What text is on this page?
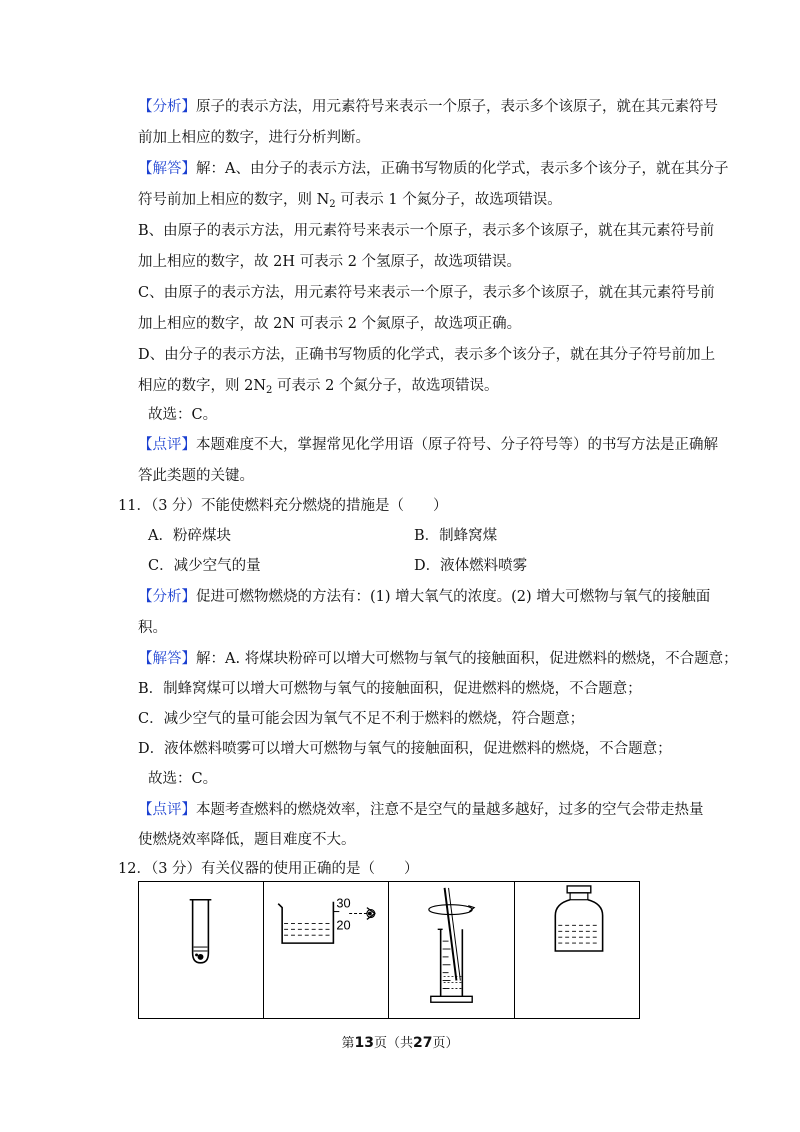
【分析】原子的表示方法，用元素符号来表示一个原子，表示多个该原子，就在其元素符号
前加上相应的数字，进行分析判断。
【解答】解：A、由分子的表示方法，正确书写物质的化学式，表示多个该分子，就在其分子
符号前加上相应的数字，则 $N_2$ 可表示 1 个氮分子，故选项错误。
B、由原子的表示方法，用元素符号来表示一个原子，表示多个该原子，就在其元素符号前
加上相应的数字，故 2H 可表示 2 个氢原子，故选项错误。
C、由原子的表示方法，用元素符号来表示一个原子，表示多个该原子，就在其元素符号前
加上相应的数字，故 2N 可表示 2 个氮原子，故选项正确。
D、由分子的表示方法，正确书写物质的化学式，表示多个该分子，就在其分子符号前加上
相应的数字，则 $2N_2$ 可表示 2 个氮分子，故选项错误。
故选：C。
【点评】本题难度不大，掌握常见化学用语（原子符号、分子符号等）的书写方法是正确解
答此类题的关键。
11．（3 分）不能使燃料充分燃烧的措施是（　　）
A．粉碎煤块	B．制蜂窝煤
C．减少空气的量	D．液体燃料喷雾
【分析】促进可燃物燃烧的方法有：(1) 增大氧气的浓度。(2) 增大可燃物与氧气的接触面
积。
【解答】解：A. 将煤块粉碎可以增大可燃物与氧气的接触面积，促进燃料的燃烧，不合题意；
B．制蜂窝煤可以增大可燃物与氧气的接触面积，促进燃料的燃烧，不合题意；
C．减少空气的量可能会因为氧气不足不利于燃料的燃烧，符合题意；
D．液体燃料喷雾可以增大可燃物与氧气的接触面积，促进燃料的燃烧，不合题意；
故选：C。
【点评】本题考查燃料的燃烧效率，注意不是空气的量越多越好，过多的空气会带走热量
使燃烧效率降低，题目难度不大。
12．（3 分）有关仪器的使用正确的是（　　）
30
20
第13页（共27页）
